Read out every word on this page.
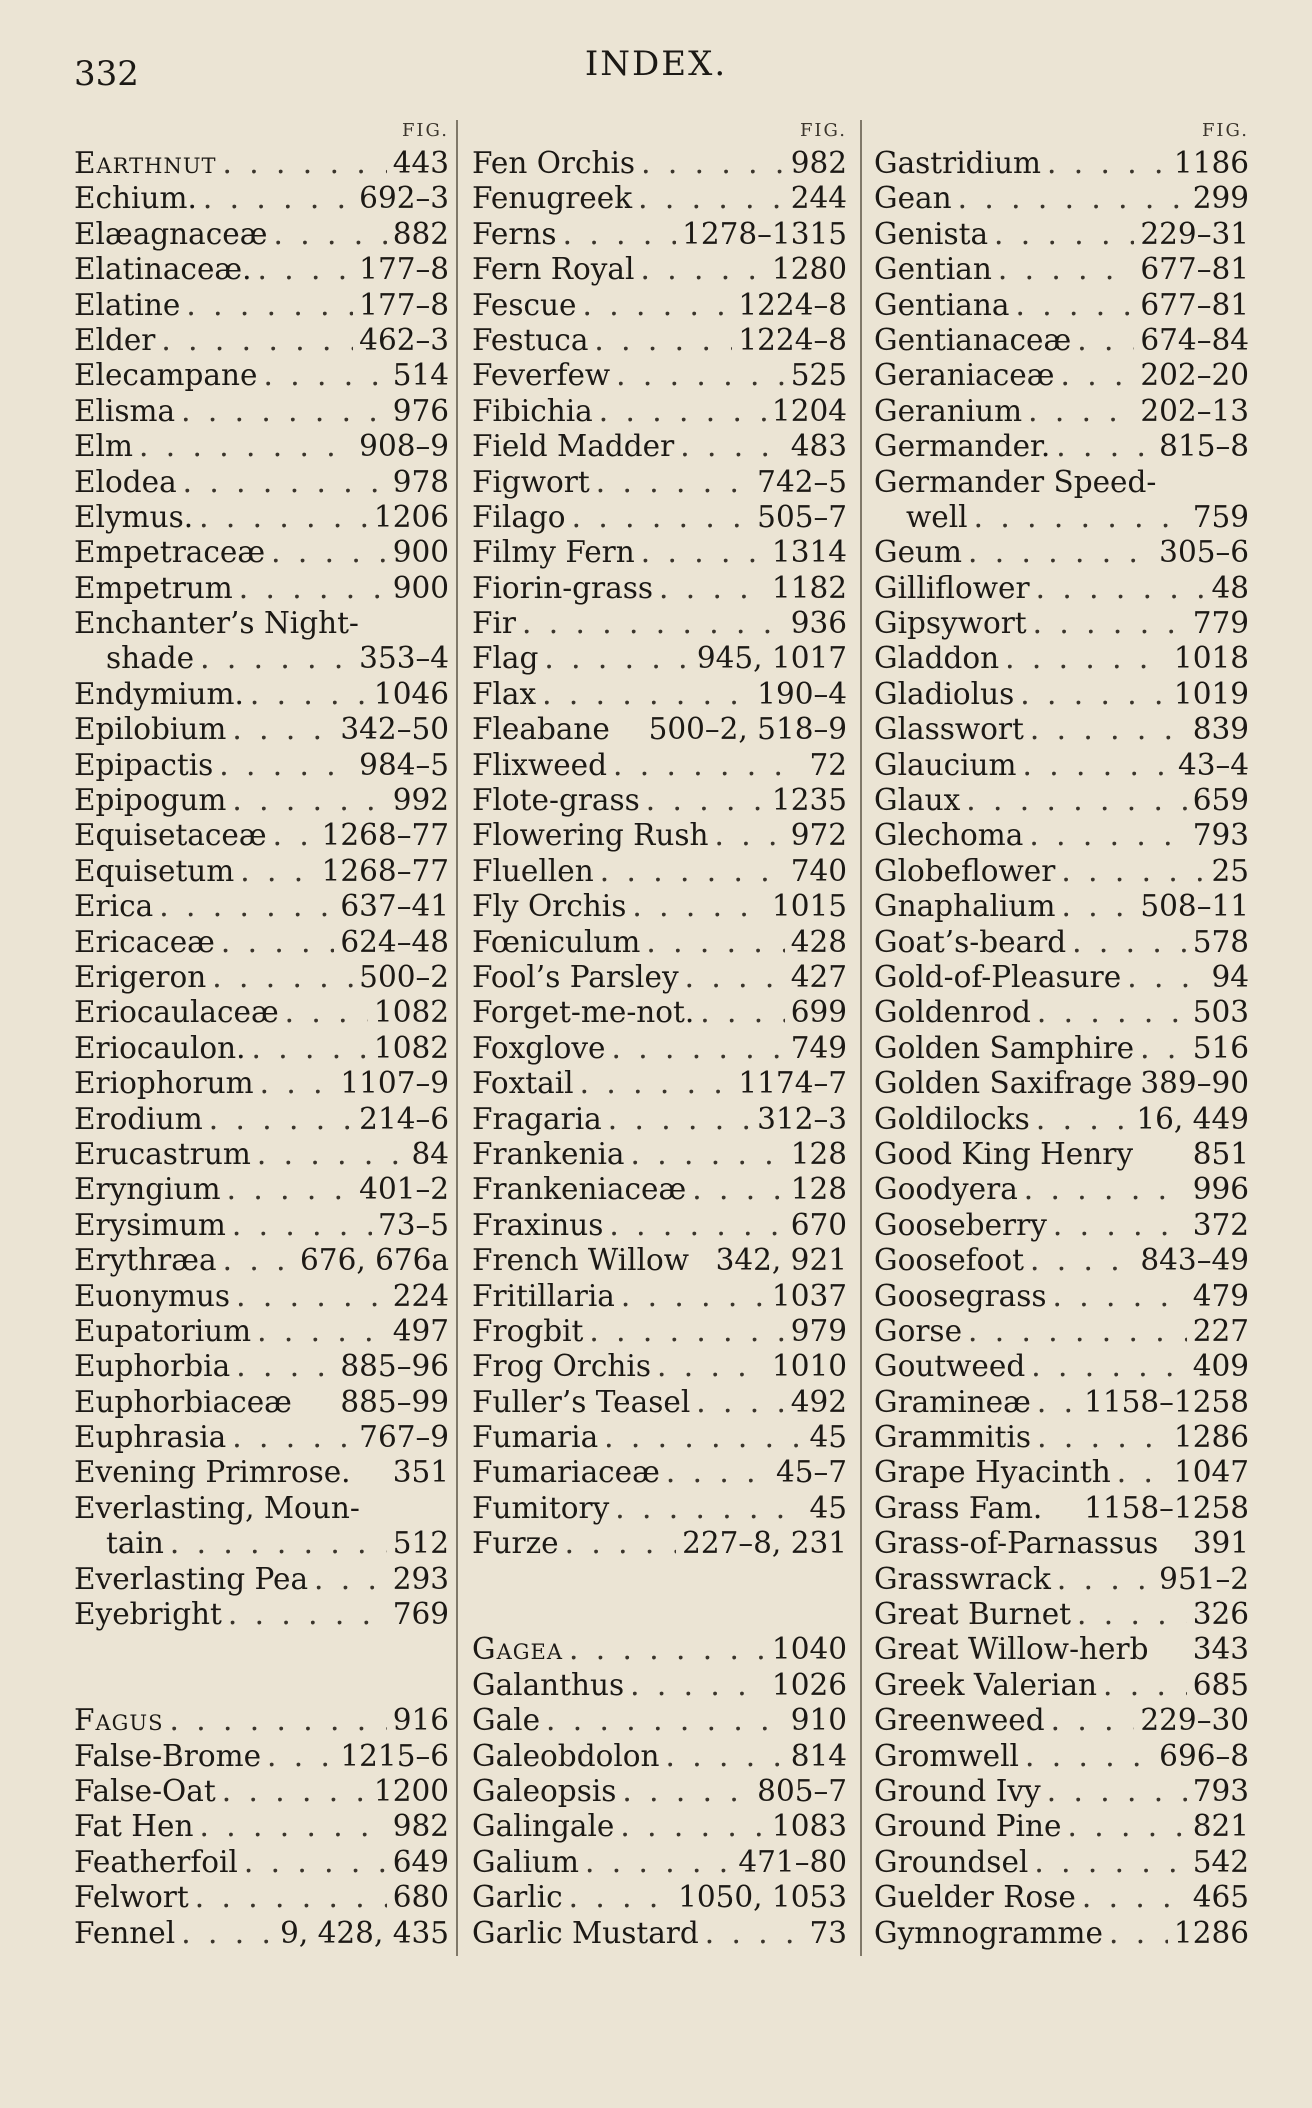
332	INDEX.
FIG.
Earthnut . . .	443
Echium. . . .	692–3
Elæagnaceæ . . .	882
Elatinaceæ. . . .	177–8
Elatine . . .	177–8
Elder . . .	462–3
Elecampane . . .	514
Elisma . . .	976
Elm . . .	908–9
Elodea . . .	978
Elymus. . . .	1206
Empetraceæ . . .	900
Empetrum . . .	900
Enchanter’s Night-
shade . . .	353–4
Endymium. . . .	1046
Epilobium . . .	342–50
Epipactis . . .	984–5
Epipogum . . .	992
Equisetaceæ . . . 1268–77
Equisetum . . .	1268–77
Erica . . .	637–41
Ericaceæ . . .	624–48
Erigeron . . .	500–2
Eriocaulaceæ . . .	1082
Eriocaulon. . . .	1082
Eriophorum . . .	1107–9
Erodium . . .	214–6
Erucastrum . . .	84
Eryngium . . .	401–2
Erysimum . . .	73–5
Erythræa . . .	676, 676a
Euonymus . . .	224
Eupatorium . . .	497
Euphorbia . . .	885–96
Euphorbiaceæ 885–99
Euphrasia . . .	767–9
Evening Primrose. 351
Everlasting, Moun-
tain . . .	512
Everlasting Pea . . .	293
Eyebright . . .	769
Fagus . . .	916
False-Brome . . .	1215–6
False-Oat . . .	1200
Fat Hen . . .	982
Featherfoil . . .	649
Felwort . . .	680
Fennel . . .	9, 428, 435
FIG.
Fen Orchis . . .	982
Fenugreek . . .	244
Ferns . . .	1278–1315
Fern Royal . . .	1280
Fescue . . .	1224–8
Festuca . . .	1224–8
Feverfew . . .	525
Fibichia . . .	1204
Field Madder . . .	483
Figwort . . .	742–5
Filago . . .	505–7
Filmy Fern . . .	1314
Fiorin-grass . . .	1182
Fir . . .	936
Flag . . .	945, 1017
Flax . . .	190–4
Fleabane 500–2, 518–9
Flixweed . . .	72
Flote-grass . . .	1235
Flowering Rush . . .	972
Fluellen . . .	740
Fly Orchis . . .	1015
Fœniculum . . .	428
Fool’s Parsley . . .	427
Forget-me-not. . . .	699
Foxglove . . .	749
Foxtail . . .	1174–7
Fragaria . . .	312–3
Frankenia . . .	128
Frankeniaceæ . . .	128
Fraxinus . . .	670
French Willow 342, 921
Fritillaria . . .	1037
Frogbit . . .	979
Frog Orchis . . .	1010
Fuller’s Teasel . . .	492
Fumaria . . .	45
Fumariaceæ . . .	45–7
Fumitory . . .	45
Furze . . .	227–8, 231
Gagea . . .	1040
Galanthus . . .	1026
Gale . . .	910
Galeobdolon . . .	814
Galeopsis . . .	805–7
Galingale . . .	1083
Galium . . .	471–80
Garlic . . .	1050, 1053
Garlic Mustard . . .	73
FIG.
Gastridium . . .	1186
Gean . . .	299
Genista . . .	229–31
Gentian . . .	677–81
Gentiana . . .	677–81
Gentianaceæ . . . 674–84
Geraniaceæ . . .	202–20
Geranium . . .	202–13
Germander. . . .	815–8
Germander Speed-
well . . .	759
Geum . . .	305–6
Gilliflower . . .	48
Gipsywort . . .	779
Gladdon . . .	1018
Gladiolus . . .	1019
Glasswort . . .	839
Glaucium . . .	43–4
Glaux . . .	659
Glechoma . . .	793
Globeflower . . .	25
Gnaphalium . . .	508–11
Goat’s-beard . . .	578
Gold-of-Pleasure . . .	94
Goldenrod . . .	503
Golden Samphire . . . 516
Golden Saxifrage 389–90
Goldilocks . . .	16, 449
Good King Henry 851
Goodyera . . .	996
Gooseberry . . .	372
Goosefoot . . .	843–49
Goosegrass . . .	479
Gorse . . .	227
Goutweed . . .	409
Gramineæ . . . 1158–1258
Grammitis . . .	1286
Grape Hyacinth . . . 1047
Grass Fam. 1158–1258
Grass-of-Parnassus 391
Grasswrack . . .	951–2
Great Burnet . . .	326
Great Willow-herb 343
Greek Valerian . . .	685
Greenweed . . .	229–30
Gromwell . . .	696–8
Ground Ivy . . .	793
Ground Pine . . .	821
Groundsel . . .	542
Guelder Rose . . .	465
Gymnogramme . . . 1286
